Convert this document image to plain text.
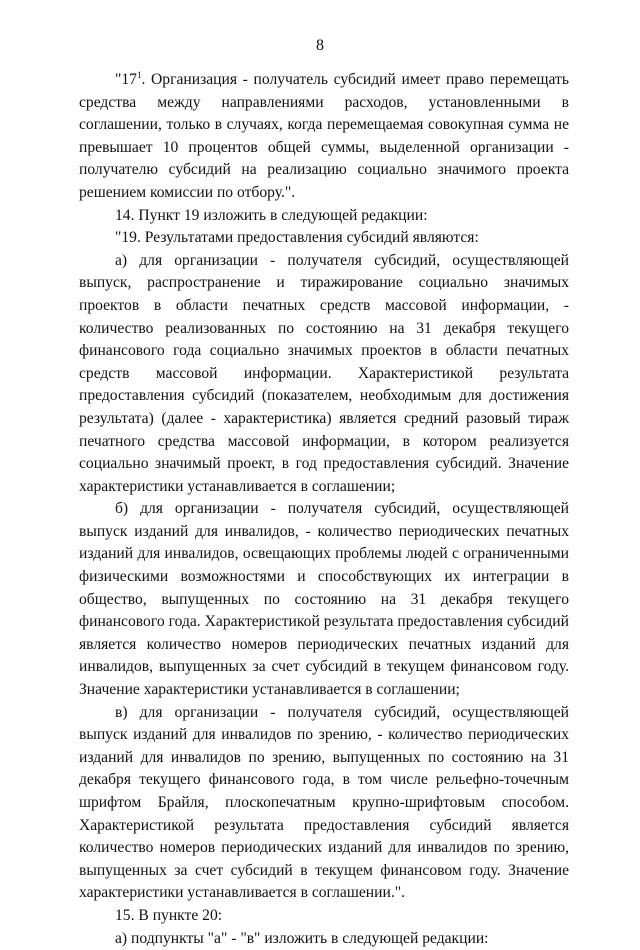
8

"$17^1$. Организация - получатель субсидий имеет право перемещать средства между направлениями расходов, установленными в соглашении, только в случаях, когда перемещаемая совокупная сумма не превышает 10 процентов общей суммы, выделенной организации - получателю субсидий на реализацию социально значимого проекта решением комиссии по отбору.".

14. Пункт 19 изложить в следующей редакции:

"19. Результатами предоставления субсидий являются:

а) для организации - получателя субсидий, осуществляющей выпуск, распространение и тиражирование социально значимых проектов в области печатных средств массовой информации, - количество реализованных по состоянию на 31 декабря текущего финансового года социально значимых проектов в области печатных средств массовой информации. Характеристикой результата предоставления субсидий (показателем, необходимым для достижения результата) (далее - характеристика) является средний разовый тираж печатного средства массовой информации, в котором реализуется социально значимый проект, в год предоставления субсидий. Значение характеристики устанавливается в соглашении;

б) для организации - получателя субсидий, осуществляющей выпуск изданий для инвалидов, - количество периодических печатных изданий для инвалидов, освещающих проблемы людей с ограниченными физическими возможностями и способствующих их интеграции в общество, выпущенных по состоянию на 31 декабря текущего финансового года. Характеристикой результата предоставления субсидий является количество номеров периодических печатных изданий для инвалидов, выпущенных за счет субсидий в текущем финансовом году. Значение характеристики устанавливается в соглашении;

в) для организации - получателя субсидий, осуществляющей выпуск изданий для инвалидов по зрению, - количество периодических изданий для инвалидов по зрению, выпущенных по состоянию на 31 декабря текущего финансового года, в том числе рельефно-точечным шрифтом Брайля, плоскопечатным крупно-шрифтовым способом. Характеристикой результата предоставления субсидий является количество номеров периодических изданий для инвалидов по зрению, выпущенных за счет субсидий в текущем финансовом году. Значение характеристики устанавливается в соглашении.".

15. В пункте 20:

а) подпункты "а" - "в" изложить в следующей редакции:
